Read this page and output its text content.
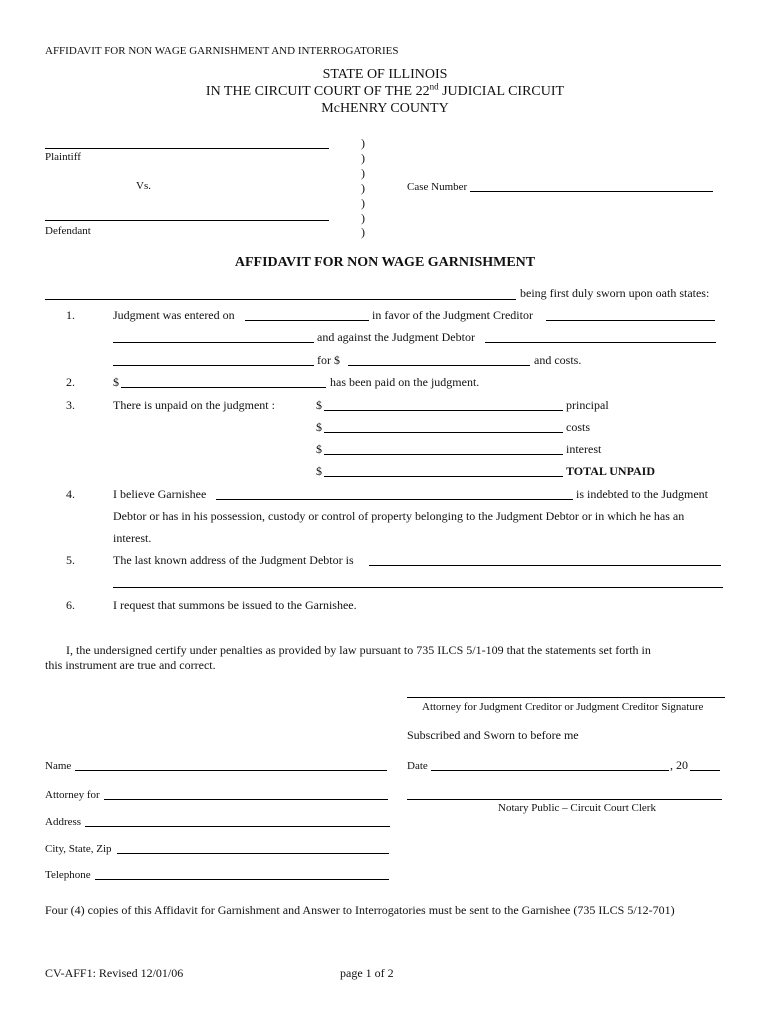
AFFIDAVIT FOR NON WAGE GARNISHMENT AND INTERROGATORIES
STATE OF ILLINOIS
IN THE CIRCUIT COURT OF THE 22nd JUDICIAL CIRCUIT
McHENRY COUNTY
Plaintiff
Vs.
Defendant
)
)
)
)
)
)
)
Case Number
AFFIDAVIT FOR NON WAGE GARNISHMENT
being first duly sworn upon oath states:
1.	Judgment was entered on	in favor of the Judgment Creditor
and against the Judgment Debtor
for $	and costs.
2.	$	has been paid on the judgment.
3.	There is unpaid on the judgment :	$	principal
$	costs
$	interest
$	TOTAL UNPAID
4.	I believe Garnishee	is indebted to the Judgment
Debtor or has in his possession, custody or control of property belonging to the Judgment Debtor or in which he has an
interest.
5.	The last known address of the Judgment Debtor is
6.	I request that summons be issued to the Garnishee.
I, the undersigned certify under penalties as provided by law pursuant to 735 ILCS 5/1-109 that the statements set forth in
this instrument are true and correct.
Attorney for Judgment Creditor or Judgment Creditor Signature
Subscribed and Sworn to before me
Date	, 20
Notary Public – Circuit Court Clerk
Name
Attorney for
Address
City, State, Zip
Telephone
Four (4) copies of this Affidavit for Garnishment and Answer to Interrogatories must be sent to the Garnishee (735 ILCS 5/12-701)
CV-AFF1: Revised 12/01/06	page 1 of 2
